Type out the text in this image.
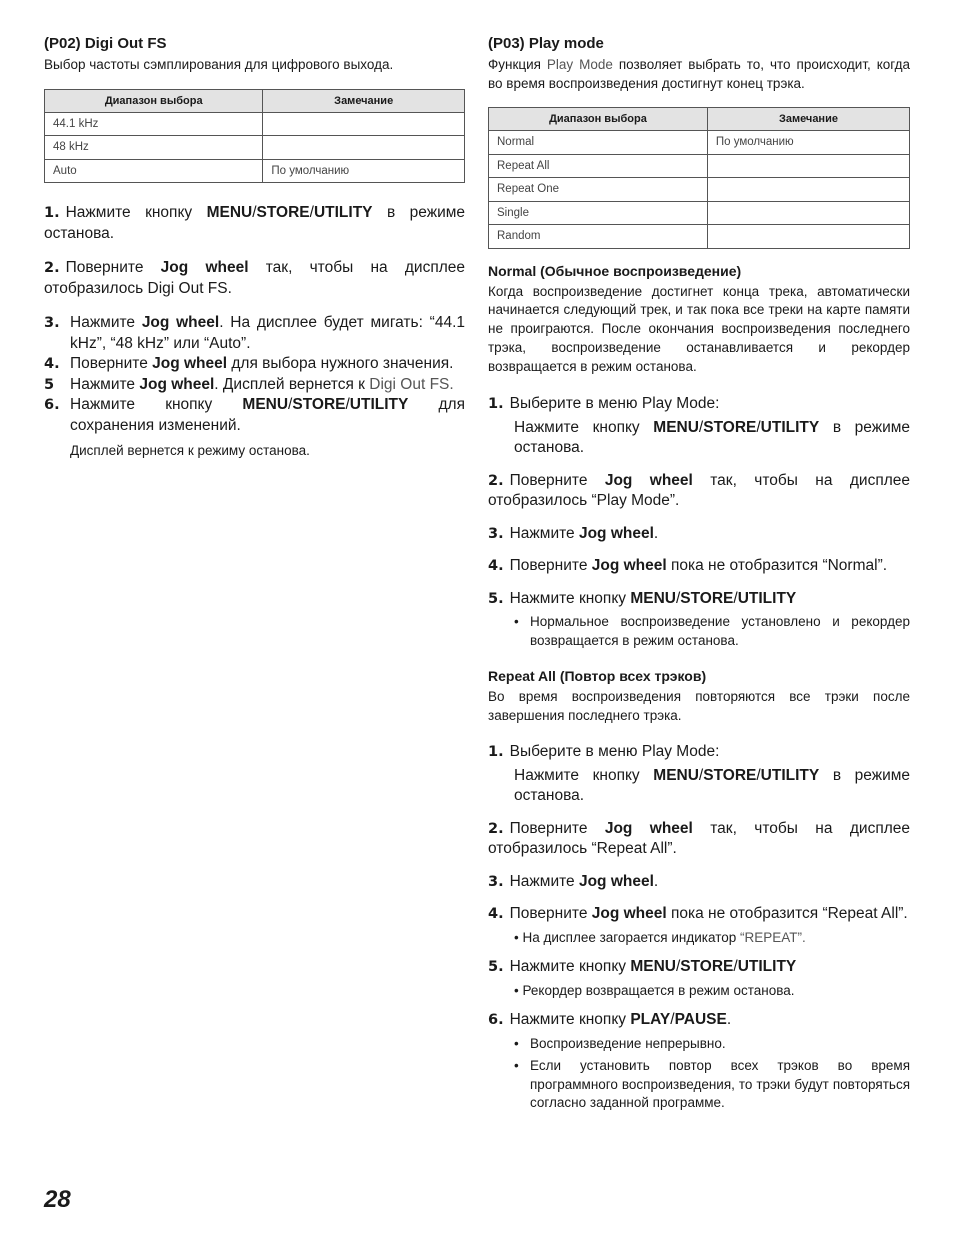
(P02) Digi Out FS

Выбор частоты сэмплирования для цифрового выхода.

Диапазон выбора	Замечание
44.1 kHz	
48 kHz	
Auto	По умолчанию

1. Нажмите кнопку MENU/STORE/UTILITY в режиме останова.

2. Поверните Jog wheel так, чтобы на дисплее отобразилось Digi Out FS.

3. Нажмите Jog wheel. На дисплее будет мигать: “44.1 kHz”, “48 kHz” или “Auto”.
4. Поверните Jog wheel для выбора нужного значения.
5	Нажмите Jog wheel. Дисплей вернется к Digi Out FS.
6. Нажмите кнопку MENU/STORE/UTILITY для сохранения изменений.

Дисплей вернется к режиму останова.

(P03) Play mode

Функция Play Mode позволяет выбрать то, что происходит, когда во время воспроизведения достигнут конец трэка.

Диапазон выбора	Замечание
Normal	По умолчанию
Repeat All	
Repeat One	
Single	
Random	
Normal (Обычное воспроизведение)

Когда воспроизведение достигнет конца трека, автоматически начинается следующий трек, и так пока все треки на карте памяти не проиграются. После окончания воспроизведения последнего трэка, воспроизведение останавливается и рекордер возвращается в режим останова.

1. Выберите в меню Play Mode:

Нажмите кнопку MENU/STORE/UTILITY в режиме останова.

2. Поверните Jog wheel так, чтобы на дисплее отобразилось “Play Mode”.

3. Нажмите Jog wheel.

4. Поверните Jog wheel пока не отобразится “Normal”.

5. Нажмите кнопку MENU/STORE/UTILITY

• Нормальное воспроизведение установлено и рекордер возвращается в режим останова.
Repeat All (Повтор всех трэков)

Во время воспроизведения повторяются все трэки после завершения последнего трэка.

1. Выберите в меню Play Mode:

Нажмите кнопку MENU/STORE/UTILITY в режиме останова.

2. Поверните Jog wheel так, чтобы на дисплее отобразилось “Repeat All”.

3. Нажмите Jog wheel.

4. Поверните Jog wheel пока не отобразится “Repeat All”.

• На дисплее загорается индикатор “REPEAT”.

5. Нажмите кнопку MENU/STORE/UTILITY

• Рекордер возвращается в режим останова.

6. Нажмите кнопку PLAY/PAUSE.

• Воспроизведение непрерывно.
• Если установить повтор всех трэков во время программного воспроизведения, то трэки будут повторяться согласно заданной программе.
28
